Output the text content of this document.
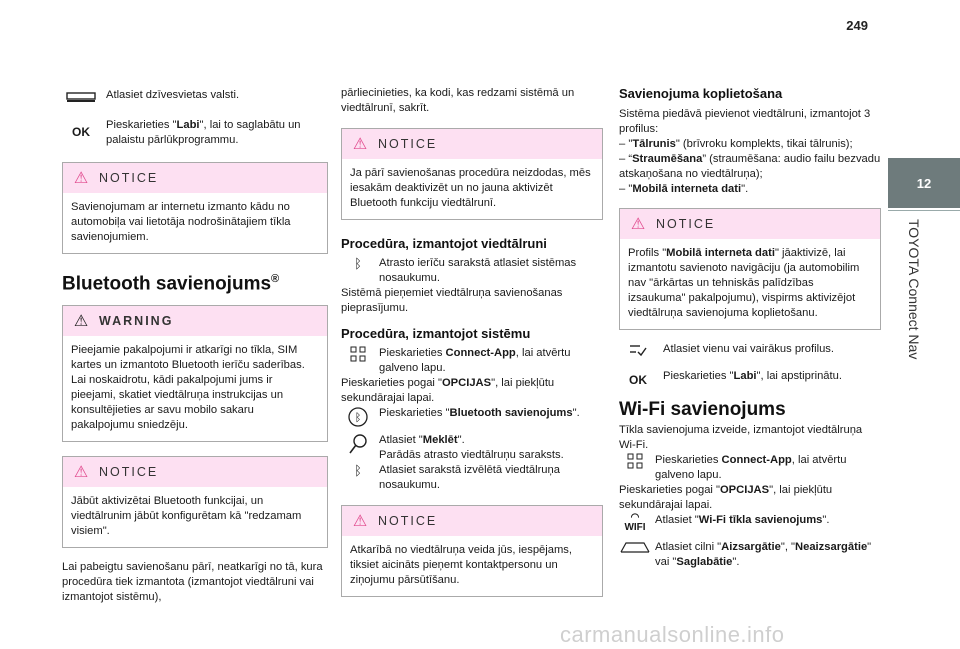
249
12
TOYOTA Connect Nav

Atlasiet dzīvesvietas valsti.

OK	Pieskarieties "Labi", lai to saglabātu un palaistu pārlūkprogrammu.

⚠ NOTICE
Savienojumam ar internetu izmanto kādu no automobiļa vai lietotāja nodrošinātajiem tīkla savienojumiem.
Bluetooth savienojums®
⚠ WARNING
Pieejamie pakalpojumi ir atkarīgi no tīkla, SIM kartes un izmantoto Bluetooth ierīču saderības. Lai noskaidrotu, kādi pakalpojumi jums ir pieejami, skatiet viedtālruņa instrukcijas un konsultējieties ar savu mobilo sakaru pakalpojumu sniedzēju.
⚠ NOTICE
Jābūt aktivizētai Bluetooth funkcijai, un viedtālrunim jābūt konfigurētam kā "redzamam visiem".

Lai pabeigtu savienošanu pārī, neatkarīgi no tā, kura procedūra tiek izmantota (izmantojot viedtālruni vai izmantojot sistēmu),

pārliecinieties, ka kodi, kas redzami sistēmā un viedtālrunī, sakrīt.

⚠ NOTICE
Ja pārī savienošanas procedūra neizdodas, mēs iesakām deaktivizēt un no jauna aktivizēt Bluetooth funkciju viedtālrunī.
Procedūra, izmantojot viedtālruni
ᛒ	Atrasto ierīču sarakstā atlasiet sistēmas nosaukumu.

Sistēmā pieņemiet viedtālruņa savienošanas pieprasījumu.

Procedūra, izmantojot sistēmu

Pieskarieties Connect-App, lai atvērtu galveno lapu.

Pieskarieties pogai "OPCIJAS", lai piekļūtu sekundārajai lapai.

ᛒ Pieskarieties "Bluetooth savienojums".

Atlasiet "Meklēt".

Parādās atrasto viedtālruņu saraksts.

ᛒ	Atlasiet sarakstā izvēlētā viedtālruņa nosaukumu.

⚠ NOTICE
Atkarībā no viedtālruņa veida jūs, iespējams, tiksiet aicināts pieņemt kontaktpersonu un ziņojumu pārsūtīšanu.
Savienojuma koplietošana

Sistēma piedāvā pievienot viedtālruni, izmantojot 3 profilus:

– "Tālrunis" (brīvroku komplekts, tikai tālrunis);

– “Straumēšana” (straumēšana: audio failu bezvadu atskaņošana no viedtālruņa);

– "Mobilā interneta dati".

⚠ NOTICE
Profils "Mobilā interneta dati" jāaktivizē, lai izmantotu savienoto navigāciju (ja automobilim nav "ārkārtas un tehniskās palīdzības izsaukuma" pakalpojumu), vispirms aktivizējot viedtālruņa savienojuma koplietošanu.

Atlasiet vienu vai vairākus profilus.

OK	Pieskarieties "Labi", lai apstiprinātu.

Wi-Fi savienojums

Tīkla savienojuma izveide, izmantojot viedtālruņa Wi-Fi.

Pieskarieties Connect-App, lai atvērtu galveno lapu.

Pieskarieties pogai "OPCIJAS", lai piekļūtu sekundārajai lapai.

◠
WIFI

Atlasiet "Wi-Fi tīkla savienojums".

Atlasiet cilni "Aizsargātie", "Neaizsargātie" vai "Saglabātie".

carmanualsonline.info
